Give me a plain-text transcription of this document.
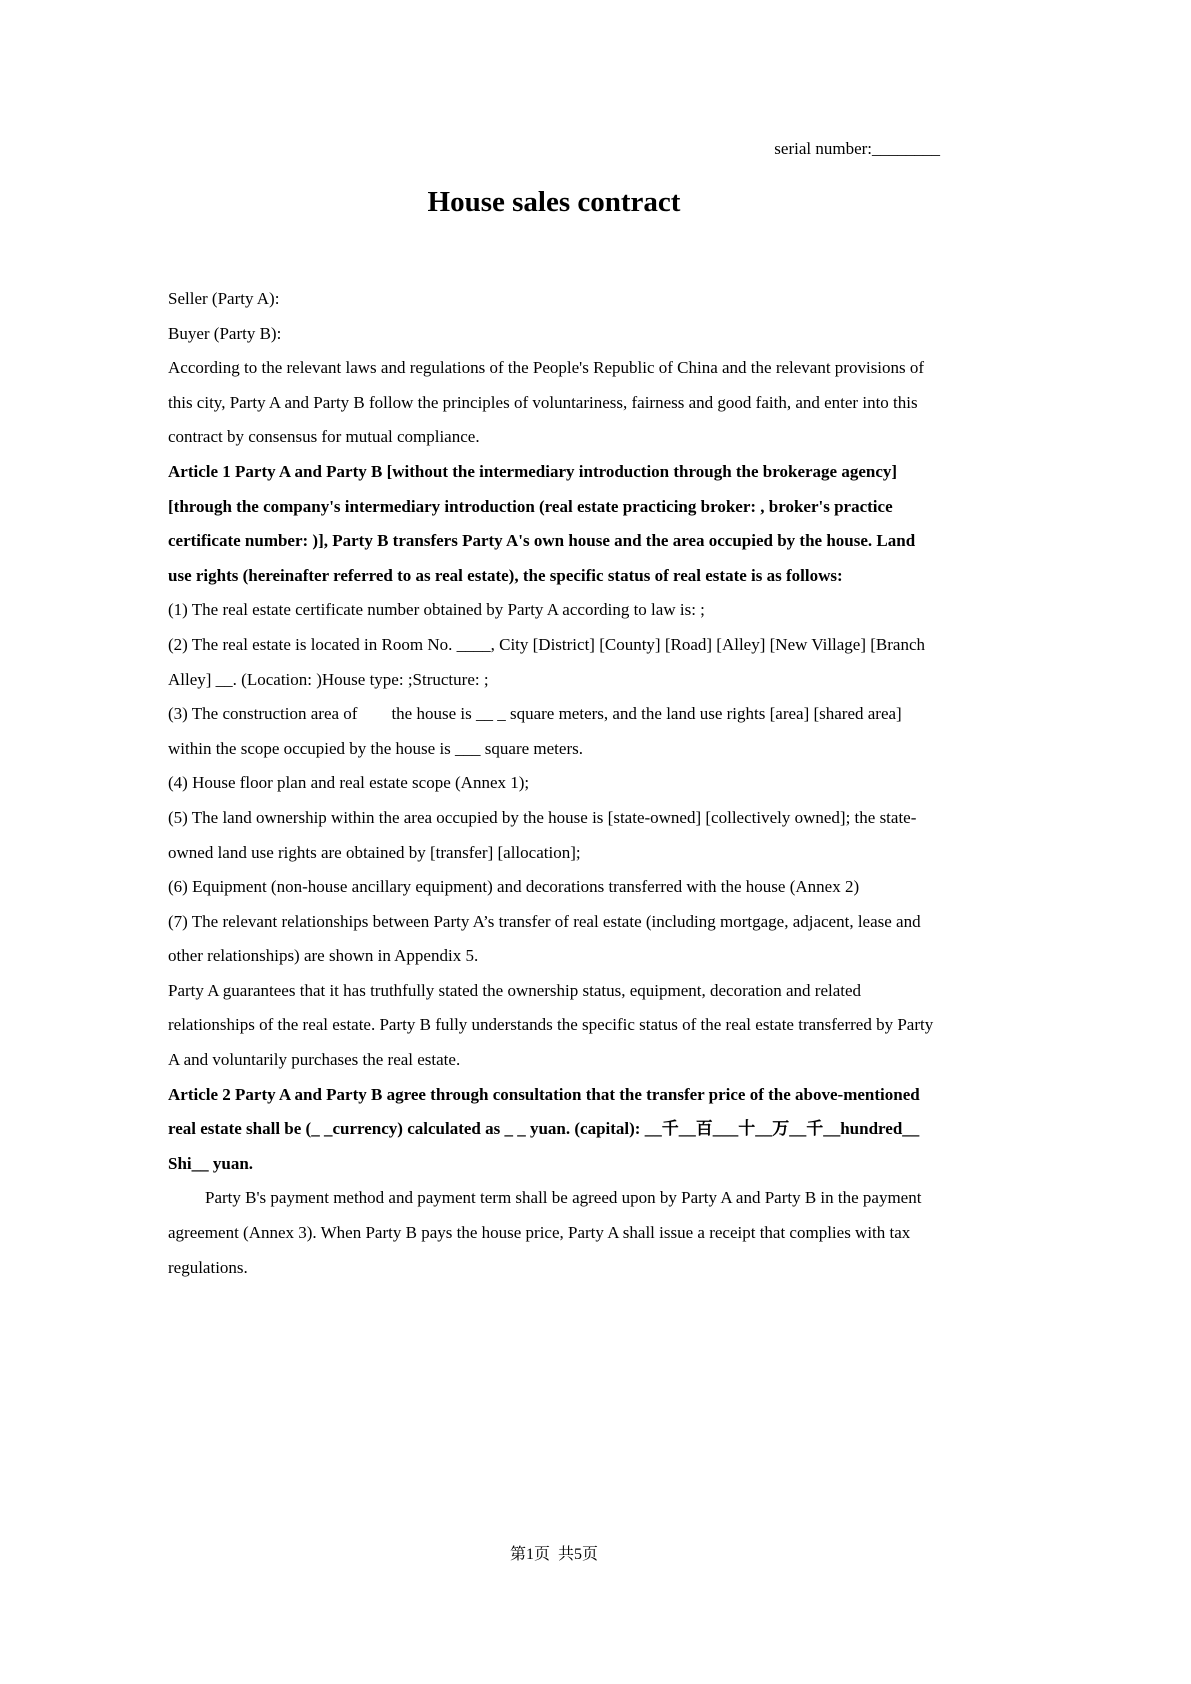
serial number:________
House sales contract

Seller (Party A):

Buyer (Party B):

According to the relevant laws and regulations of the People's Republic of China and the relevant provisions of this city, Party A and Party B follow the principles of voluntariness, fairness and good faith, and enter into this contract by consensus for mutual compliance.

Article 1 Party A and Party B [without the intermediary introduction through the brokerage agency] [through the company's intermediary introduction (real estate practicing broker: , broker's practice certificate number: )], Party B transfers Party A's own house and the area occupied by the house. Land use rights (hereinafter referred to as real estate), the specific status of real estate is as follows:

(1) The real estate certificate number obtained by Party A according to law is: ;

(2) The real estate is located in Room No. ____, City [District] [County] [Road] [Alley] [New Village] [Branch Alley] __. (Location: )House type: ;Structure: ;

(3) The construction area of        the house is __ _ square meters, and the land use rights [area] [shared area] within the scope occupied by the house is ___ square meters.

(4) House floor plan and real estate scope (Annex 1);

(5) The land ownership within the area occupied by the house is [state-owned] [collectively owned]; the state-owned land use rights are obtained by [transfer] [allocation];

(6) Equipment (non-house ancillary equipment) and decorations transferred with the house (Annex 2)

(7) The relevant relationships between Party A’s transfer of real estate (including mortgage, adjacent, lease and other relationships) are shown in Appendix 5.

Party A guarantees that it has truthfully stated the ownership status, equipment, decoration and related relationships of the real estate. Party B fully understands the specific status of the real estate transferred by Party A and voluntarily purchases the real estate.

Article 2 Party A and Party B agree through consultation that the transfer price of the above-mentioned real estate shall be (_ _currency) calculated as _ _ yuan. (capital): __千__百___十__万__千__hundred__ Shi__ yuan.

Party B's payment method and payment term shall be agreed upon by Party A and Party B in the payment agreement (Annex 3). When Party B pays the house price, Party A shall issue a receipt that complies with tax regulations.

第1页  共5页
